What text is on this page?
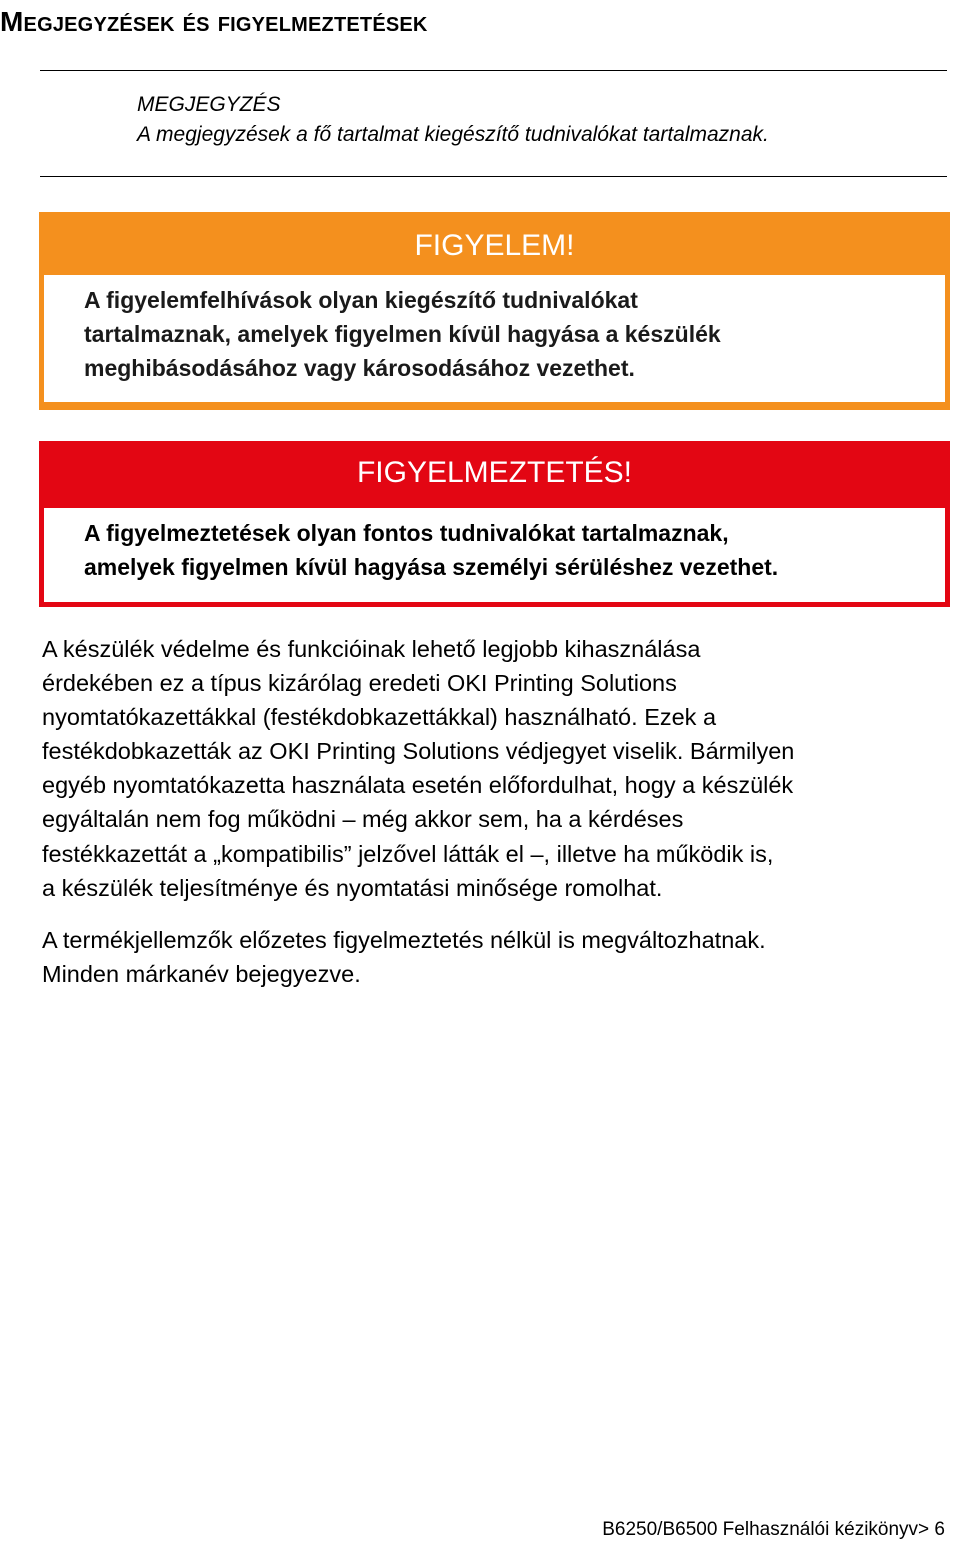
Megjegyzések és figyelmeztetések
MEGJEGYZÉS
A megjegyzések a fő tartalmat kiegészítő tudnivalókat tartalmaznak.
FIGYELEM!
A figyelemfelhívások olyan kiegészítő tudnivalókat
tartalmaznak, amelyek figyelmen kívül hagyása a készülék
meghibásodásához vagy károsodásához vezethet.
FIGYELMEZTETÉS!
A figyelmeztetések olyan fontos tudnivalókat tartalmaznak,
amelyek figyelmen kívül hagyása személyi sérüléshez vezethet.
A készülék védelme és funkcióinak lehető legjobb kihasználása
érdekében ez a típus kizárólag eredeti OKI Printing Solutions
nyomtatókazettákkal (festékdobkazettákkal) használható. Ezek a
festékdobkazetták az OKI Printing Solutions védjegyet viselik. Bármilyen
egyéb nyomtatókazetta használata esetén előfordulhat, hogy a készülék
egyáltalán nem fog működni – még akkor sem, ha a kérdéses
festékkazettát a „kompatibilis” jelzővel látták el –, illetve ha működik is,
a készülék teljesítménye és nyomtatási minősége romolhat.
A termékjellemzők előzetes figyelmeztetés nélkül is megváltozhatnak.
Minden márkanév bejegyezve.
B6250/B6500 Felhasználói kézikönyv> 6
